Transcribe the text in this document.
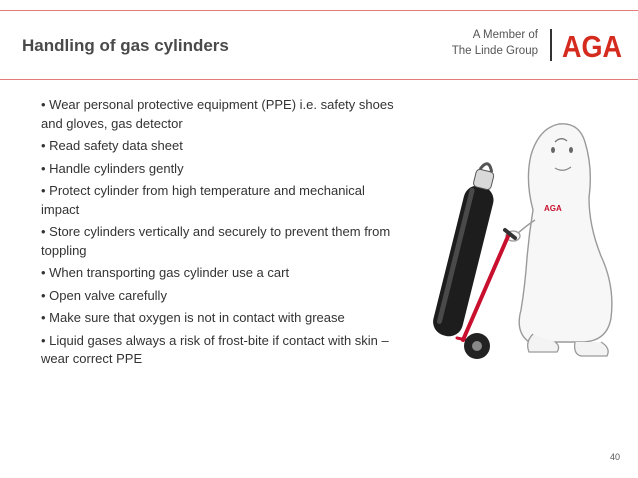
Handling of gas cylinders
A Member of
The Linde Group AGA
• Wear personal protective equipment (PPE) i.e. safety shoes and gloves, gas detector
• Read safety data sheet
• Handle cylinders gently
• Protect cylinder from high temperature and mechanical impact
• Store cylinders vertically and securely to prevent them from toppling
• When transporting gas cylinder use a cart
• Open valve carefully
• Make sure that oxygen is not in contact with grease
• Liquid gases always a risk of frost-bite if contact with skin – wear correct PPE
AGA
40
